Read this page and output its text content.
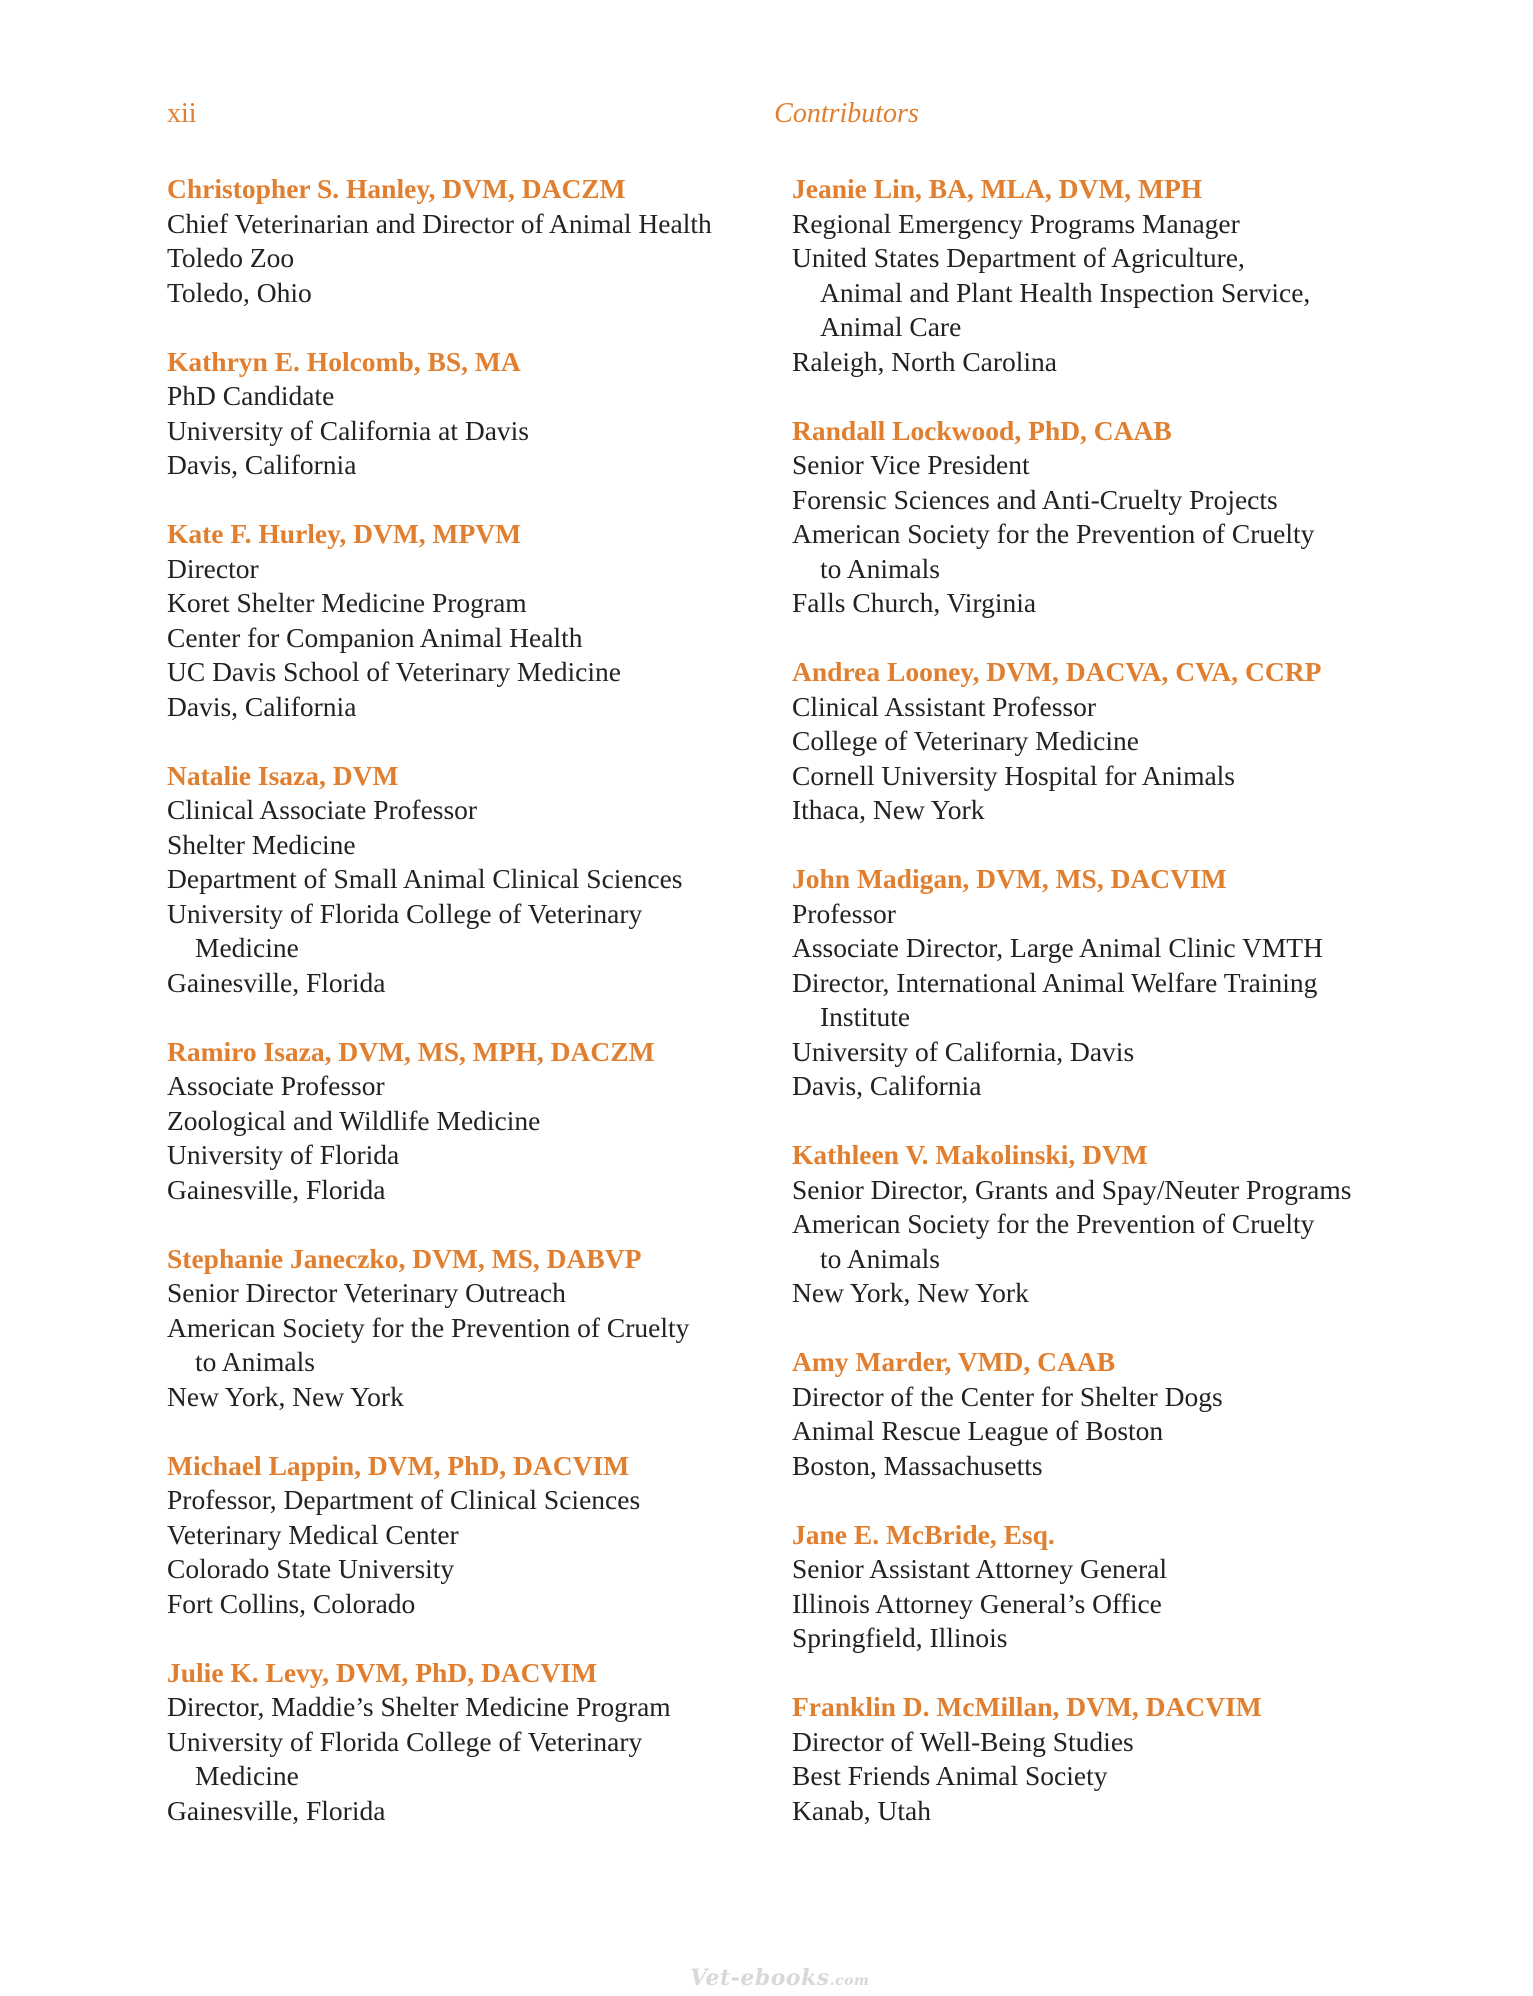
xii	Contributors
Christopher S. Hanley, DVM, DACZM
Chief Veterinarian and Director of Animal Health
Toledo Zoo
Toledo, Ohio
Kathryn E. Holcomb, BS, MA
PhD Candidate
University of California at Davis
Davis, California
Kate F. Hurley, DVM, MPVM
Director
Koret Shelter Medicine Program
Center for Companion Animal Health
UC Davis School of Veterinary Medicine
Davis, California
Natalie Isaza, DVM
Clinical Associate Professor
Shelter Medicine
Department of Small Animal Clinical Sciences
University of Florida College of Veterinary
Medicine
Gainesville, Florida
Ramiro Isaza, DVM, MS, MPH, DACZM
Associate Professor
Zoological and Wildlife Medicine
University of Florida
Gainesville, Florida
Stephanie Janeczko, DVM, MS, DABVP
Senior Director Veterinary Outreach
American Society for the Prevention of Cruelty
to Animals
New York, New York
Michael Lappin, DVM, PhD, DACVIM
Professor, Department of Clinical Sciences
Veterinary Medical Center
Colorado State University
Fort Collins, Colorado
Julie K. Levy, DVM, PhD, DACVIM
Director, Maddie’s Shelter Medicine Program
University of Florida College of Veterinary
Medicine
Gainesville, Florida
Jeanie Lin, BA, MLA, DVM, MPH
Regional Emergency Programs Manager
United States Department of Agriculture,
Animal and Plant Health Inspection Service,
Animal Care
Raleigh, North Carolina
Randall Lockwood, PhD, CAAB
Senior Vice President
Forensic Sciences and Anti-Cruelty Projects
American Society for the Prevention of Cruelty
to Animals
Falls Church, Virginia
Andrea Looney, DVM, DACVA, CVA, CCRP
Clinical Assistant Professor
College of Veterinary Medicine
Cornell University Hospital for Animals
Ithaca, New York
John Madigan, DVM, MS, DACVIM
Professor
Associate Director, Large Animal Clinic VMTH
Director, International Animal Welfare Training
Institute
University of California, Davis
Davis, California
Kathleen V. Makolinski, DVM
Senior Director, Grants and Spay/Neuter Programs
American Society for the Prevention of Cruelty
to Animals
New York, New York
Amy Marder, VMD, CAAB
Director of the Center for Shelter Dogs
Animal Rescue League of Boston
Boston, Massachusetts
Jane E. McBride, Esq.
Senior Assistant Attorney General
Illinois Attorney General’s Office
Springfield, Illinois
Franklin D. McMillan, DVM, DACVIM
Director of Well-Being Studies
Best Friends Animal Society
Kanab, Utah
Vet-ebooks.com
